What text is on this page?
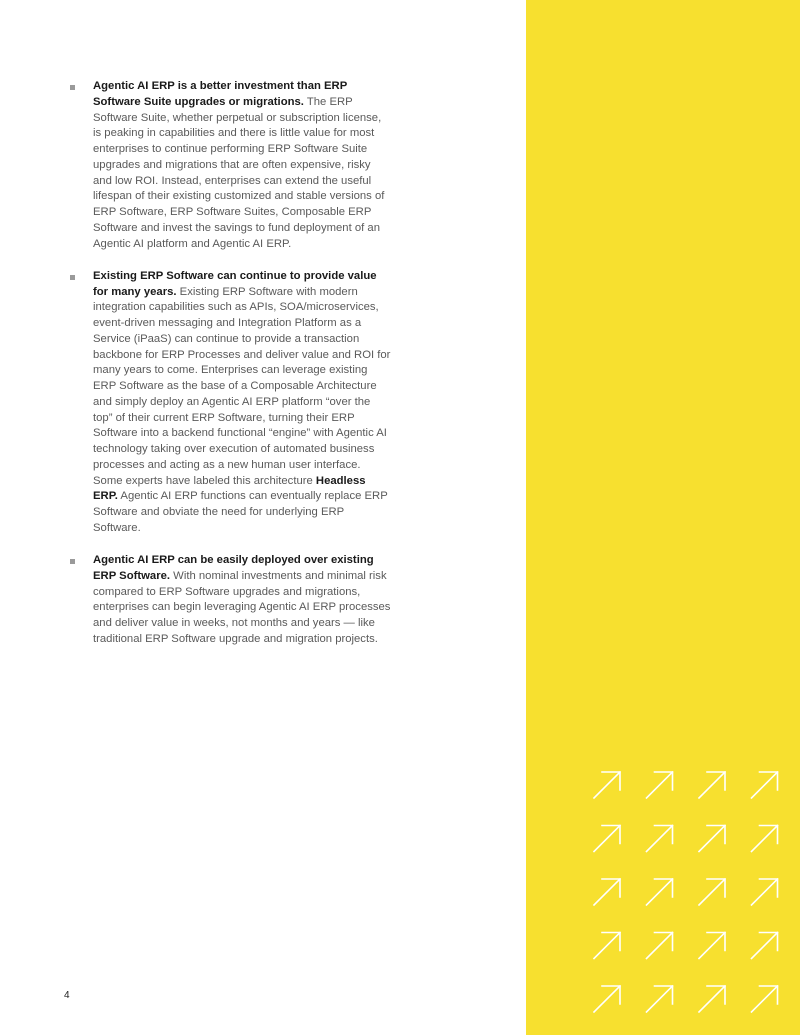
Agentic AI ERP is a better investment than ERP Software Suite upgrades or migrations. The ERP Software Suite, whether perpetual or subscription license, is peaking in capabilities and there is little value for most enterprises to continue performing ERP Software Suite upgrades and migrations that are often expensive, risky and low ROI. Instead, enterprises can extend the useful lifespan of their existing customized and stable versions of ERP Software, ERP Software Suites, Composable ERP Software and invest the savings to fund deployment of an Agentic AI platform and Agentic AI ERP.
Existing ERP Software can continue to provide value for many years. Existing ERP Software with modern integration capabilities such as APIs, SOA/microservices, event-driven messaging and Integration Platform as a Service (iPaaS) can continue to provide a transaction backbone for ERP Processes and deliver value and ROI for many years to come. Enterprises can leverage existing ERP Software as the base of a Composable Architecture and simply deploy an Agentic AI ERP platform “over the top” of their current ERP Software, turning their ERP Software into a backend functional “engine” with Agentic AI technology taking over execution of automated business processes and acting as a new human user interface. Some experts have labeled this architecture Headless ERP. Agentic AI ERP functions can eventually replace ERP Software and obviate the need for underlying ERP Software.
Agentic AI ERP can be easily deployed over existing ERP Software. With nominal investments and minimal risk compared to ERP Software upgrades and migrations, enterprises can begin leveraging Agentic AI ERP processes and deliver value in weeks, not months and years — like traditional ERP Software upgrade and migration projects.
4
